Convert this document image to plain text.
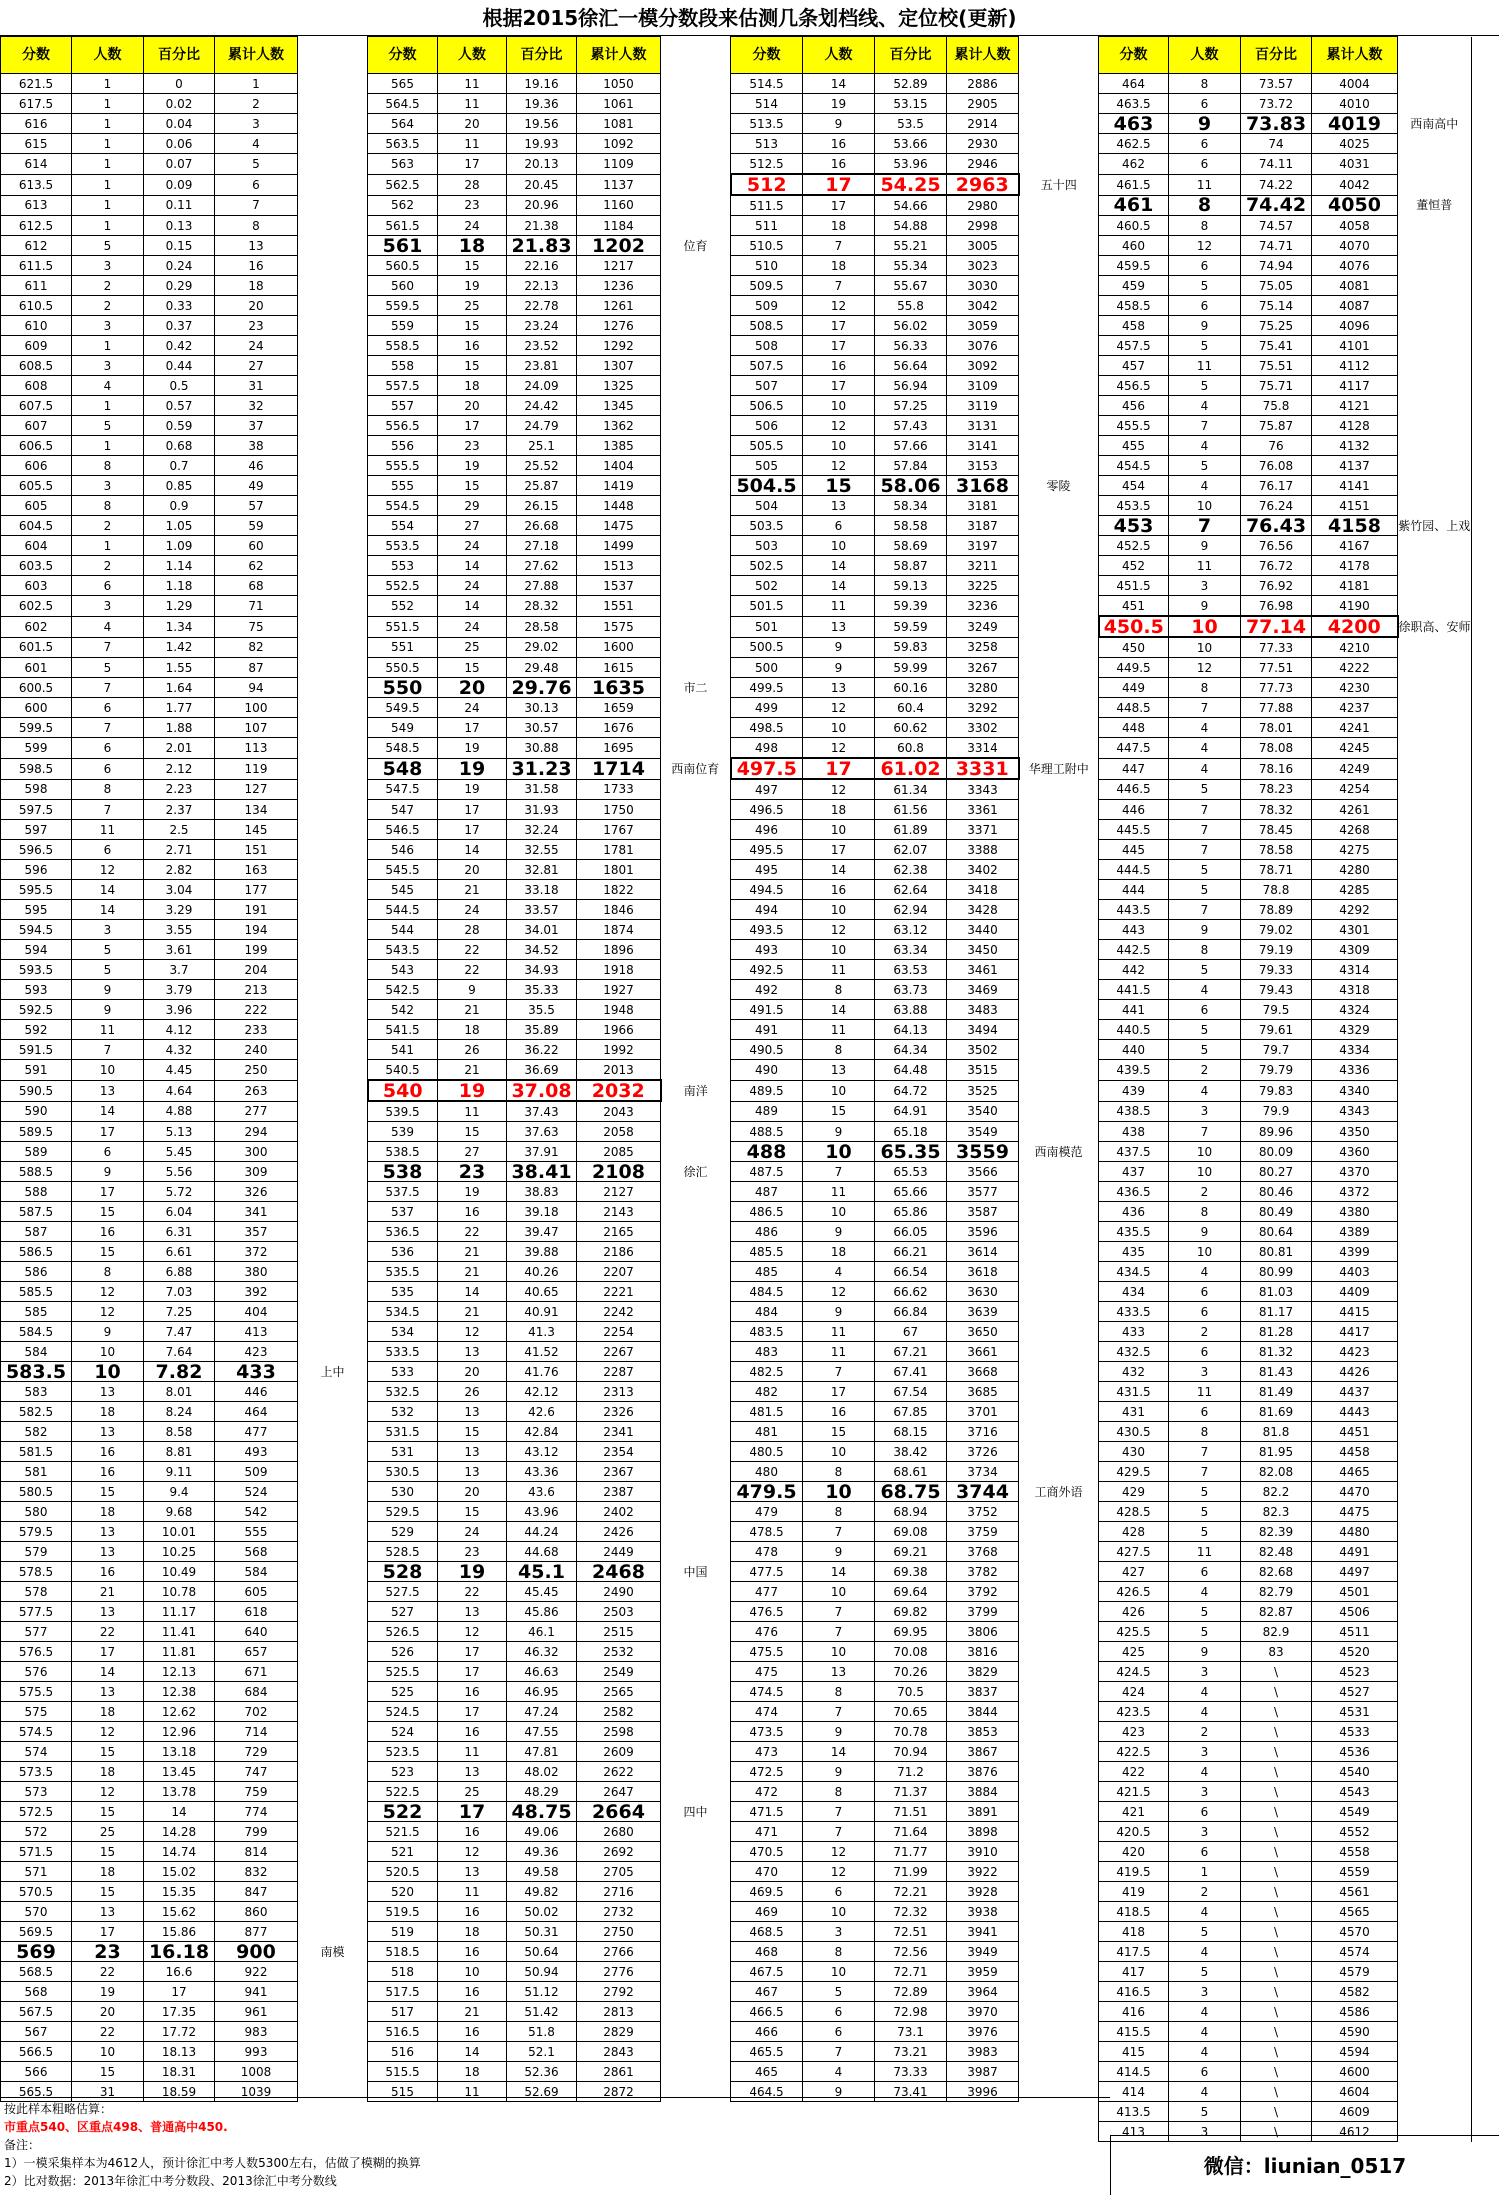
根据2015徐汇一模分数段来估测几条划档线、定位校(更新)
分数	人数	百分比	累计人数		分数	人数	百分比	累计人数		分数	人数	百分比	累计人数		分数	人数	百分比	累计人数	
621.5	1	0	1		565	11	19.16	1050		514.5	14	52.89	2886		464	8	73.57	4004	
617.5	1	0.02	2		564.5	11	19.36	1061		514	19	53.15	2905		463.5	6	73.72	4010	
616	1	0.04	3		564	20	19.56	1081		513.5	9	53.5	2914		463	9	73.83	4019	西南高中
615	1	0.06	4		563.5	11	19.93	1092		513	16	53.66	2930		462.5	6	74	4025	
614	1	0.07	5		563	17	20.13	1109		512.5	16	53.96	2946		462	6	74.11	4031	
613.5	1	0.09	6		562.5	28	20.45	1137		512	17	54.25	2963	五十四	461.5	11	74.22	4042	
613	1	0.11	7		562	23	20.96	1160		511.5	17	54.66	2980		461	8	74.42	4050	董恒普
612.5	1	0.13	8		561.5	24	21.38	1184		511	18	54.88	2998		460.5	8	74.57	4058	
612	5	0.15	13		561	18	21.83	1202	位育	510.5	7	55.21	3005		460	12	74.71	4070	
611.5	3	0.24	16		560.5	15	22.16	1217		510	18	55.34	3023		459.5	6	74.94	4076	
611	2	0.29	18		560	19	22.13	1236		509.5	7	55.67	3030		459	5	75.05	4081	
610.5	2	0.33	20		559.5	25	22.78	1261		509	12	55.8	3042		458.5	6	75.14	4087	
610	3	0.37	23		559	15	23.24	1276		508.5	17	56.02	3059		458	9	75.25	4096	
609	1	0.42	24		558.5	16	23.52	1292		508	17	56.33	3076		457.5	5	75.41	4101	
608.5	3	0.44	27		558	15	23.81	1307		507.5	16	56.64	3092		457	11	75.51	4112	
608	4	0.5	31		557.5	18	24.09	1325		507	17	56.94	3109		456.5	5	75.71	4117	
607.5	1	0.57	32		557	20	24.42	1345		506.5	10	57.25	3119		456	4	75.8	4121	
607	5	0.59	37		556.5	17	24.79	1362		506	12	57.43	3131		455.5	7	75.87	4128	
606.5	1	0.68	38		556	23	25.1	1385		505.5	10	57.66	3141		455	4	76	4132	
606	8	0.7	46		555.5	19	25.52	1404		505	12	57.84	3153		454.5	5	76.08	4137	
605.5	3	0.85	49		555	15	25.87	1419		504.5	15	58.06	3168	零陵	454	4	76.17	4141	
605	8	0.9	57		554.5	29	26.15	1448		504	13	58.34	3181		453.5	10	76.24	4151	
604.5	2	1.05	59		554	27	26.68	1475		503.5	6	58.58	3187		453	7	76.43	4158	紫竹园、上戏
604	1	1.09	60		553.5	24	27.18	1499		503	10	58.69	3197		452.5	9	76.56	4167	
603.5	2	1.14	62		553	14	27.62	1513		502.5	14	58.87	3211		452	11	76.72	4178	
603	6	1.18	68		552.5	24	27.88	1537		502	14	59.13	3225		451.5	3	76.92	4181	
602.5	3	1.29	71		552	14	28.32	1551		501.5	11	59.39	3236		451	9	76.98	4190	
602	4	1.34	75		551.5	24	28.58	1575		501	13	59.59	3249		450.5	10	77.14	4200	徐职高、安师
601.5	7	1.42	82		551	25	29.02	1600		500.5	9	59.83	3258		450	10	77.33	4210	
601	5	1.55	87		550.5	15	29.48	1615		500	9	59.99	3267		449.5	12	77.51	4222	
600.5	7	1.64	94		550	20	29.76	1635	市二	499.5	13	60.16	3280		449	8	77.73	4230	
600	6	1.77	100		549.5	24	30.13	1659		499	12	60.4	3292		448.5	7	77.88	4237	
599.5	7	1.88	107		549	17	30.57	1676		498.5	10	60.62	3302		448	4	78.01	4241	
599	6	2.01	113		548.5	19	30.88	1695		498	12	60.8	3314		447.5	4	78.08	4245	
598.5	6	2.12	119		548	19	31.23	1714	西南位育	497.5	17	61.02	3331	华理工附中	447	4	78.16	4249	
598	8	2.23	127		547.5	19	31.58	1733		497	12	61.34	3343		446.5	5	78.23	4254	
597.5	7	2.37	134		547	17	31.93	1750		496.5	18	61.56	3361		446	7	78.32	4261	
597	11	2.5	145		546.5	17	32.24	1767		496	10	61.89	3371		445.5	7	78.45	4268	
596.5	6	2.71	151		546	14	32.55	1781		495.5	17	62.07	3388		445	7	78.58	4275	
596	12	2.82	163		545.5	20	32.81	1801		495	14	62.38	3402		444.5	5	78.71	4280	
595.5	14	3.04	177		545	21	33.18	1822		494.5	16	62.64	3418		444	5	78.8	4285	
595	14	3.29	191		544.5	24	33.57	1846		494	10	62.94	3428		443.5	7	78.89	4292	
594.5	3	3.55	194		544	28	34.01	1874		493.5	12	63.12	3440		443	9	79.02	4301	
594	5	3.61	199		543.5	22	34.52	1896		493	10	63.34	3450		442.5	8	79.19	4309	
593.5	5	3.7	204		543	22	34.93	1918		492.5	11	63.53	3461		442	5	79.33	4314	
593	9	3.79	213		542.5	9	35.33	1927		492	8	63.73	3469		441.5	4	79.43	4318	
592.5	9	3.96	222		542	21	35.5	1948		491.5	14	63.88	3483		441	6	79.5	4324	
592	11	4.12	233		541.5	18	35.89	1966		491	11	64.13	3494		440.5	5	79.61	4329	
591.5	7	4.32	240		541	26	36.22	1992		490.5	8	64.34	3502		440	5	79.7	4334	
591	10	4.45	250		540.5	21	36.69	2013		490	13	64.48	3515		439.5	2	79.79	4336	
590.5	13	4.64	263		540	19	37.08	2032	南洋	489.5	10	64.72	3525		439	4	79.83	4340	
590	14	4.88	277		539.5	11	37.43	2043		489	15	64.91	3540		438.5	3	79.9	4343	
589.5	17	5.13	294		539	15	37.63	2058		488.5	9	65.18	3549		438	7	89.96	4350	
589	6	5.45	300		538.5	27	37.91	2085		488	10	65.35	3559	西南模范	437.5	10	80.09	4360	
588.5	9	5.56	309		538	23	38.41	2108	徐汇	487.5	7	65.53	3566		437	10	80.27	4370	
588	17	5.72	326		537.5	19	38.83	2127		487	11	65.66	3577		436.5	2	80.46	4372	
587.5	15	6.04	341		537	16	39.18	2143		486.5	10	65.86	3587		436	8	80.49	4380	
587	16	6.31	357		536.5	22	39.47	2165		486	9	66.05	3596		435.5	9	80.64	4389	
586.5	15	6.61	372		536	21	39.88	2186		485.5	18	66.21	3614		435	10	80.81	4399	
586	8	6.88	380		535.5	21	40.26	2207		485	4	66.54	3618		434.5	4	80.99	4403	
585.5	12	7.03	392		535	14	40.65	2221		484.5	12	66.62	3630		434	6	81.03	4409	
585	12	7.25	404		534.5	21	40.91	2242		484	9	66.84	3639		433.5	6	81.17	4415	
584.5	9	7.47	413		534	12	41.3	2254		483.5	11	67	3650		433	2	81.28	4417	
584	10	7.64	423		533.5	13	41.52	2267		483	11	67.21	3661		432.5	6	81.32	4423	
583.5	10	7.82	433	上中	533	20	41.76	2287		482.5	7	67.41	3668		432	3	81.43	4426	
583	13	8.01	446		532.5	26	42.12	2313		482	17	67.54	3685		431.5	11	81.49	4437	
582.5	18	8.24	464		532	13	42.6	2326		481.5	16	67.85	3701		431	6	81.69	4443	
582	13	8.58	477		531.5	15	42.84	2341		481	15	68.15	3716		430.5	8	81.8	4451	
581.5	16	8.81	493		531	13	43.12	2354		480.5	10	38.42	3726		430	7	81.95	4458	
581	16	9.11	509		530.5	13	43.36	2367		480	8	68.61	3734		429.5	7	82.08	4465	
580.5	15	9.4	524		530	20	43.6	2387		479.5	10	68.75	3744	工商外语	429	5	82.2	4470	
580	18	9.68	542		529.5	15	43.96	2402		479	8	68.94	3752		428.5	5	82.3	4475	
579.5	13	10.01	555		529	24	44.24	2426		478.5	7	69.08	3759		428	5	82.39	4480	
579	13	10.25	568		528.5	23	44.68	2449		478	9	69.21	3768		427.5	11	82.48	4491	
578.5	16	10.49	584		528	19	45.1	2468	中国	477.5	14	69.38	3782		427	6	82.68	4497	
578	21	10.78	605		527.5	22	45.45	2490		477	10	69.64	3792		426.5	4	82.79	4501	
577.5	13	11.17	618		527	13	45.86	2503		476.5	7	69.82	3799		426	5	82.87	4506	
577	22	11.41	640		526.5	12	46.1	2515		476	7	69.95	3806		425.5	5	82.9	4511	
576.5	17	11.81	657		526	17	46.32	2532		475.5	10	70.08	3816		425	9	83	4520	
576	14	12.13	671		525.5	17	46.63	2549		475	13	70.26	3829		424.5	3	\	4523	
575.5	13	12.38	684		525	16	46.95	2565		474.5	8	70.5	3837		424	4	\	4527	
575	18	12.62	702		524.5	17	47.24	2582		474	7	70.65	3844		423.5	4	\	4531	
574.5	12	12.96	714		524	16	47.55	2598		473.5	9	70.78	3853		423	2	\	4533	
574	15	13.18	729		523.5	11	47.81	2609		473	14	70.94	3867		422.5	3	\	4536	
573.5	18	13.45	747		523	13	48.02	2622		472.5	9	71.2	3876		422	4	\	4540	
573	12	13.78	759		522.5	25	48.29	2647		472	8	71.37	3884		421.5	3	\	4543	
572.5	15	14	774		522	17	48.75	2664	四中	471.5	7	71.51	3891		421	6	\	4549	
572	25	14.28	799		521.5	16	49.06	2680		471	7	71.64	3898		420.5	3	\	4552	
571.5	15	14.74	814		521	12	49.36	2692		470.5	12	71.77	3910		420	6	\	4558	
571	18	15.02	832		520.5	13	49.58	2705		470	12	71.99	3922		419.5	1	\	4559	
570.5	15	15.35	847		520	11	49.82	2716		469.5	6	72.21	3928		419	2	\	4561	
570	13	15.62	860		519.5	16	50.02	2732		469	10	72.32	3938		418.5	4	\	4565	
569.5	17	15.86	877		519	18	50.31	2750		468.5	3	72.51	3941		418	5	\	4570	
569	23	16.18	900	南模	518.5	16	50.64	2766		468	8	72.56	3949		417.5	4	\	4574	
568.5	22	16.6	922		518	10	50.94	2776		467.5	10	72.71	3959		417	5	\	4579	
568	19	17	941		517.5	16	51.12	2792		467	5	72.89	3964		416.5	3	\	4582	
567.5	20	17.35	961		517	21	51.42	2813		466.5	6	72.98	3970		416	4	\	4586	
567	22	17.72	983		516.5	16	51.8	2829		466	6	73.1	3976		415.5	4	\	4590	
566.5	10	18.13	993		516	14	52.1	2843		465.5	7	73.21	3983		415	4	\	4594	
566	15	18.31	1008		515.5	18	52.36	2861		465	4	73.33	3987		414.5	6	\	4600	
565.5	31	18.59	1039		515	11	52.69	2872		464.5	9	73.41	3996		414	4	\	4604	
															413.5	5	\	4609	
															413	3	\	4612	
按此样本粗略估算：
市重点540、区重点498、普通高中450.
备注：
1）一模采集样本为4612人，预计徐汇中考人数5300左右，估做了模糊的换算
2）比对数据：2013年徐汇中考分数段、2013徐汇中考分数线
微信：liunian_0517
